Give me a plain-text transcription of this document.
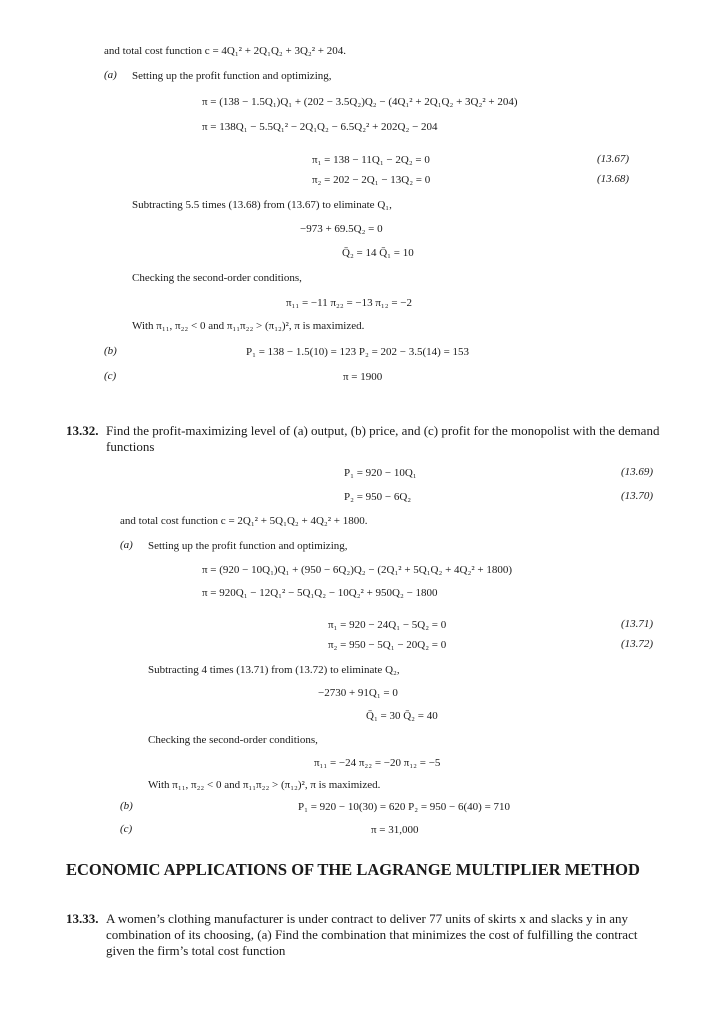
and total cost function c = 4Q₁² + 2Q₁Q₂ + 3Q₂² + 204.
(a) Setting up the profit function and optimizing,
π = (138 − 1.5Q₁)Q₁ + (202 − 3.5Q₂)Q₂ − (4Q₁² + 2Q₁Q₂ + 3Q₂² + 204)
π = 138Q₁ − 5.5Q₁² − 2Q₁Q₂ − 6.5Q₂² + 202Q₂ − 204
π₁ = 138 − 11Q₁ − 2Q₂ = 0	(13.67)
π₂ = 202 − 2Q₁ − 13Q₂ = 0	(13.68)
Subtracting 5.5 times (13.68) from (13.67) to eliminate Q₁,
−973 + 69.5Q₂ = 0
Q̄₂ = 14 Q̄₁ = 10
Checking the second-order conditions,
π₁₁ = −11 π₂₂ = −13 π₁₂ = −2
With π₁₁, π₂₂ < 0 and π₁₁π₂₂ > (π₁₂)², π is maximized.
(b)	P₁ = 138 − 1.5(10) = 123 P₂ = 202 − 3.5(14) = 153
(c)	π = 1900
13.32. Find the profit-maximizing level of (a) output, (b) price, and (c) profit for the monopolist with the demand functions
P₁ = 920 − 10Q₁	(13.69)
P₂ = 950 − 6Q₂	(13.70)
and total cost function c = 2Q₁² + 5Q₁Q₂ + 4Q₂² + 1800.
(a) Setting up the profit function and optimizing,
π = (920 − 10Q₁)Q₁ + (950 − 6Q₂)Q₂ − (2Q₁² + 5Q₁Q₂ + 4Q₂² + 1800)
π = 920Q₁ − 12Q₁² − 5Q₁Q₂ − 10Q₂² + 950Q₂ − 1800
π₁ = 920 − 24Q₁ − 5Q₂ = 0	(13.71)
π₂ = 950 − 5Q₁ − 20Q₂ = 0	(13.72)
Subtracting 4 times (13.71) from (13.72) to eliminate Q₂,
−2730 + 91Q₁ = 0
Q̄₁ = 30 Q̄₂ = 40
Checking the second-order conditions,
π₁₁ = −24 π₂₂ = −20 π₁₂ = −5
With π₁₁, π₂₂ < 0 and π₁₁π₂₂ > (π₁₂)², π is maximized.
(b)	P₁ = 920 − 10(30) = 620 P₂ = 950 − 6(40) = 710
(c)	π = 31,000
ECONOMIC APPLICATIONS OF THE LAGRANGE MULTIPLIER METHOD
13.33. A women’s clothing manufacturer is under contract to deliver 77 units of skirts x and slacks y in any combination of its choosing, (a) Find the combination that minimizes the cost of fulfilling the contract given the firm’s total cost function
